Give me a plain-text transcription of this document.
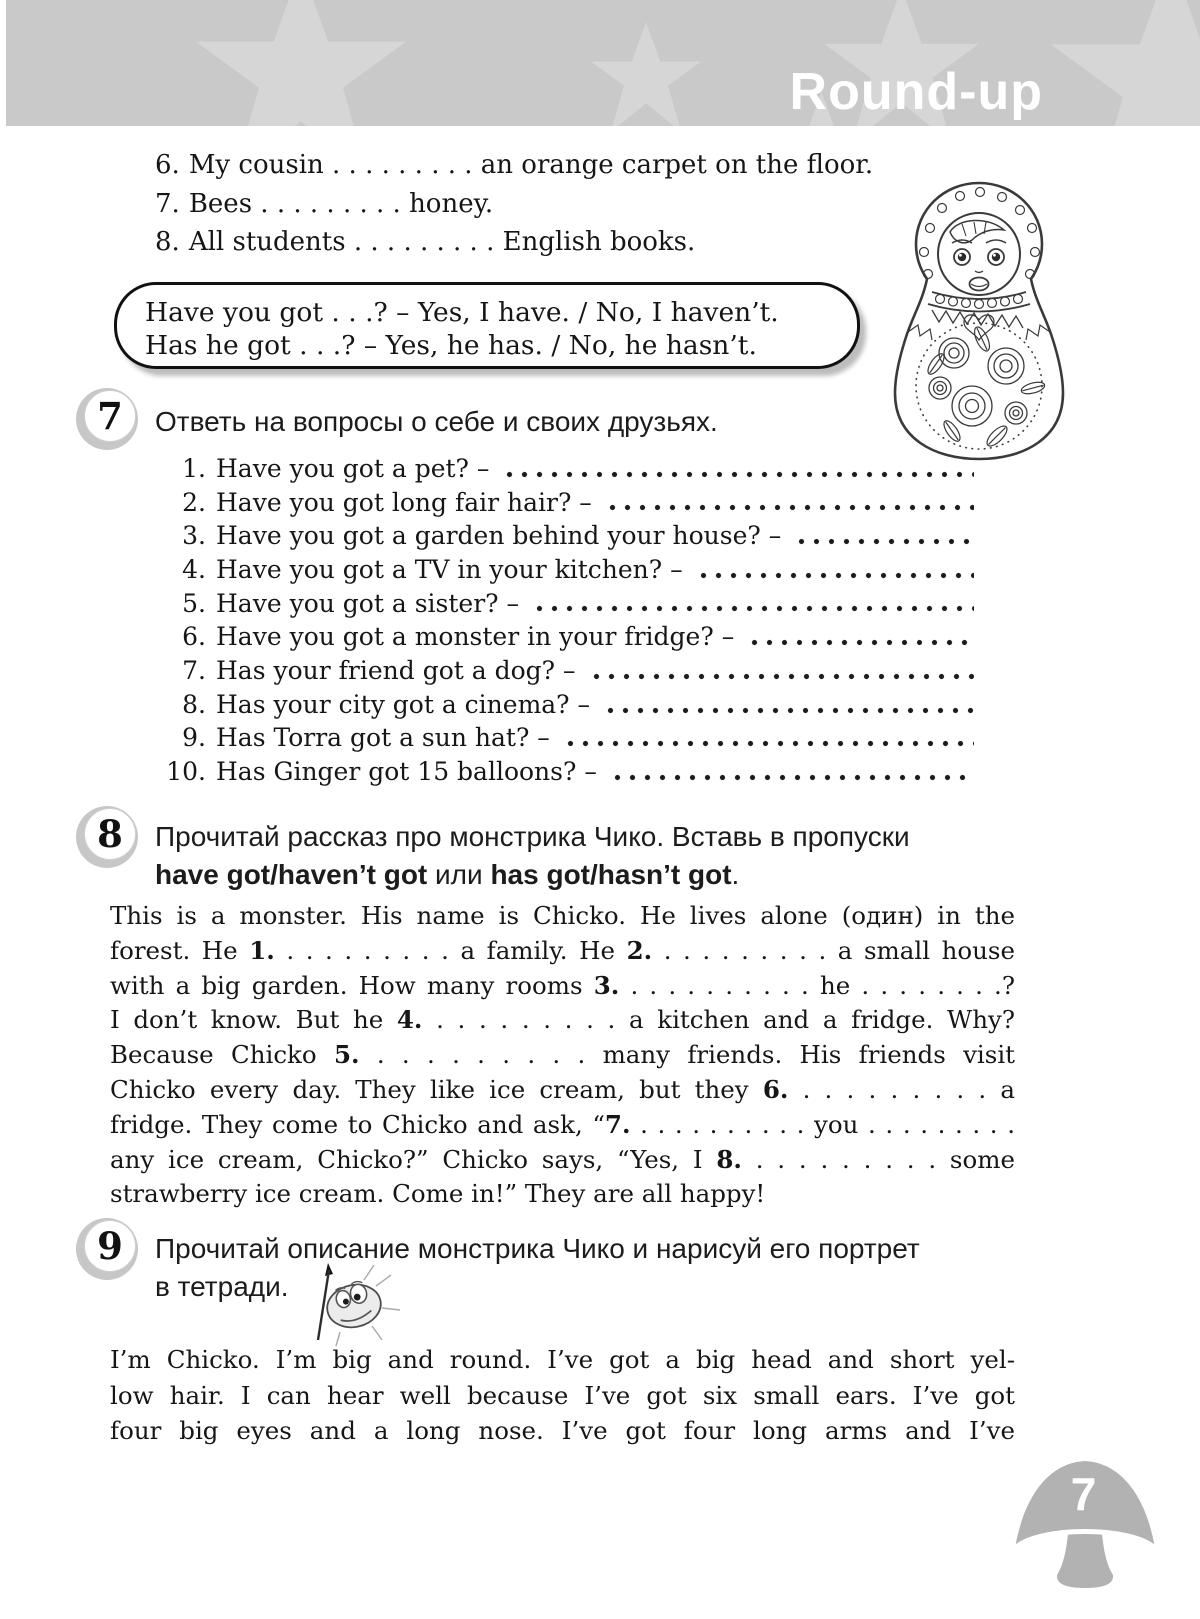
Round-up
6. My cousin . . . . . . . . . an orange carpet on the floor.
7. Bees . . . . . . . . . honey.
8. All students . . . . . . . . . English books.
Have you got . . .? – Yes, I have. / No, I haven’t.
Has he got . . .? – Yes, he has. / No, he hasn’t.
7	Ответь на вопросы о себе и своих друзьях.
1. Have you got a pet? –
2. Have you got long fair hair? –
3. Have you got a garden behind your house? –
4. Have you got a TV in your kitchen? –
5. Have you got a sister? –
6. Have you got a monster in your fridge? –
7. Has your friend got a dog? –
8. Has your city got a cinema? –
9. Has Torra got a sun hat? –
10. Has Ginger got 15 balloons? –
8	Прочитай рассказ про монстрика Чико. Вставь в пропуски
have got/haven’t got или has got/hasn’t got.
This is a monster. His name is Chicko. He lives alone (один) in the
forest. He 1. . . . . . . . . . a family. He 2. . . . . . . . . . a small house
with a big garden. How many rooms 3. . . . . . . . . . . he . . . . . . . .?
I don’t know. But he 4. . . . . . . . . . a kitchen and a fridge. Why?
Because Chicko 5. . . . . . . . . . many friends. His friends visit
Chicko every day. They like ice cream, but they 6. . . . . . . . . . a
fridge. They come to Chicko and ask, “7. . . . . . . . . . . you . . . . . . . . .
any ice cream, Chicko?” Chicko says, “Yes, I 8. . . . . . . . . . some
strawberry ice cream. Come in!” They are all happy!
9	Прочитай описание монстрика Чико и нарисуй его портрет
в тетради.
I’m Chicko. I’m big and round. I’ve got a big head and short yel-
low hair. I can hear well because I’ve got six small ears. I’ve got
four big eyes and a long nose. I’ve got four long arms and I’ve
7
